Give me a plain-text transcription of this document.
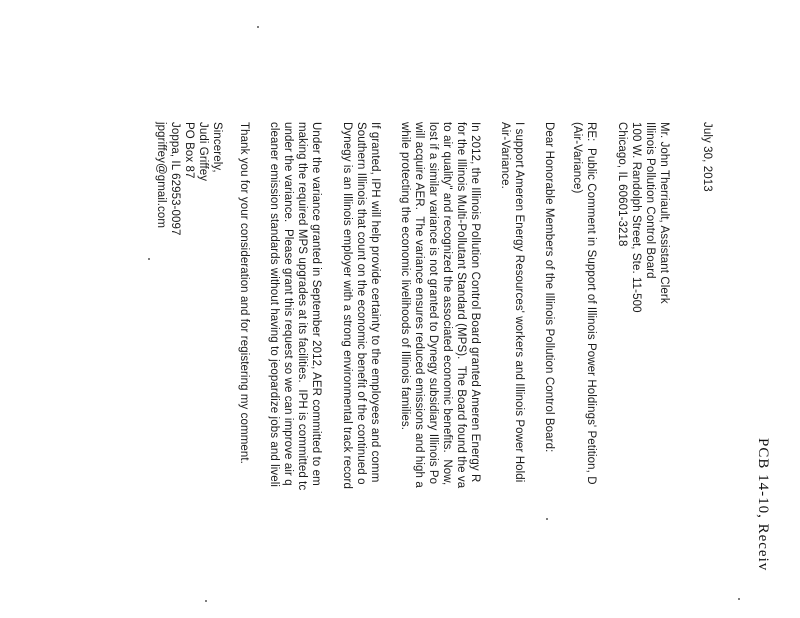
PCB 14-10, Receiv
July 30, 2013
Mr. John Therriault, Assistant Clerk
Illinois Pollution Control Board
100 W. Randolph Street, Ste. 11-500
Chicago, IL 60601-3218
RE:  Public Comment in Support of Illinois Power Holdings' Petition, D
(Air-Variance)
Dear Honorable Members of the Illinois Pollution Control Board:
I support Ameren Energy Resources' workers and Illinois Power Holdi
Air-Variance.
In 2012, the Illinois Pollution Control Board granted Ameren Energy R
for the Illinois Multi-Pollutant Standard (MPS).  The Board found the va
to air quality" and recognized the associated economic benefits.  Now,
lost if a similar variance is not granted to Dynegy subsidiary Illinois Po
will acquire AER.  The variance ensures reduced emissions and high a
while protecting the economic livelihoods of Illinois families.
If granted, IPH will help provide certainty to the employees and comm
Southern Illinois that count on the economic benefit of the continued o
Dynegy is an Illinois employer with a strong environmental track record
Under the variance granted in September 2012, AER committed to em
making the required MPS upgrades at its facilities.  IPH is committed tc
under the variance.  Please grant this request so we can improve air q
cleaner emission standards without having to jeopardize jobs and liveli
Thank you for your consideration and for registering my comment.
Sincerely,
Judi Griffey
PO Box 87
Joppa, IL 62953-0097
jpgriffey@gmail.com
